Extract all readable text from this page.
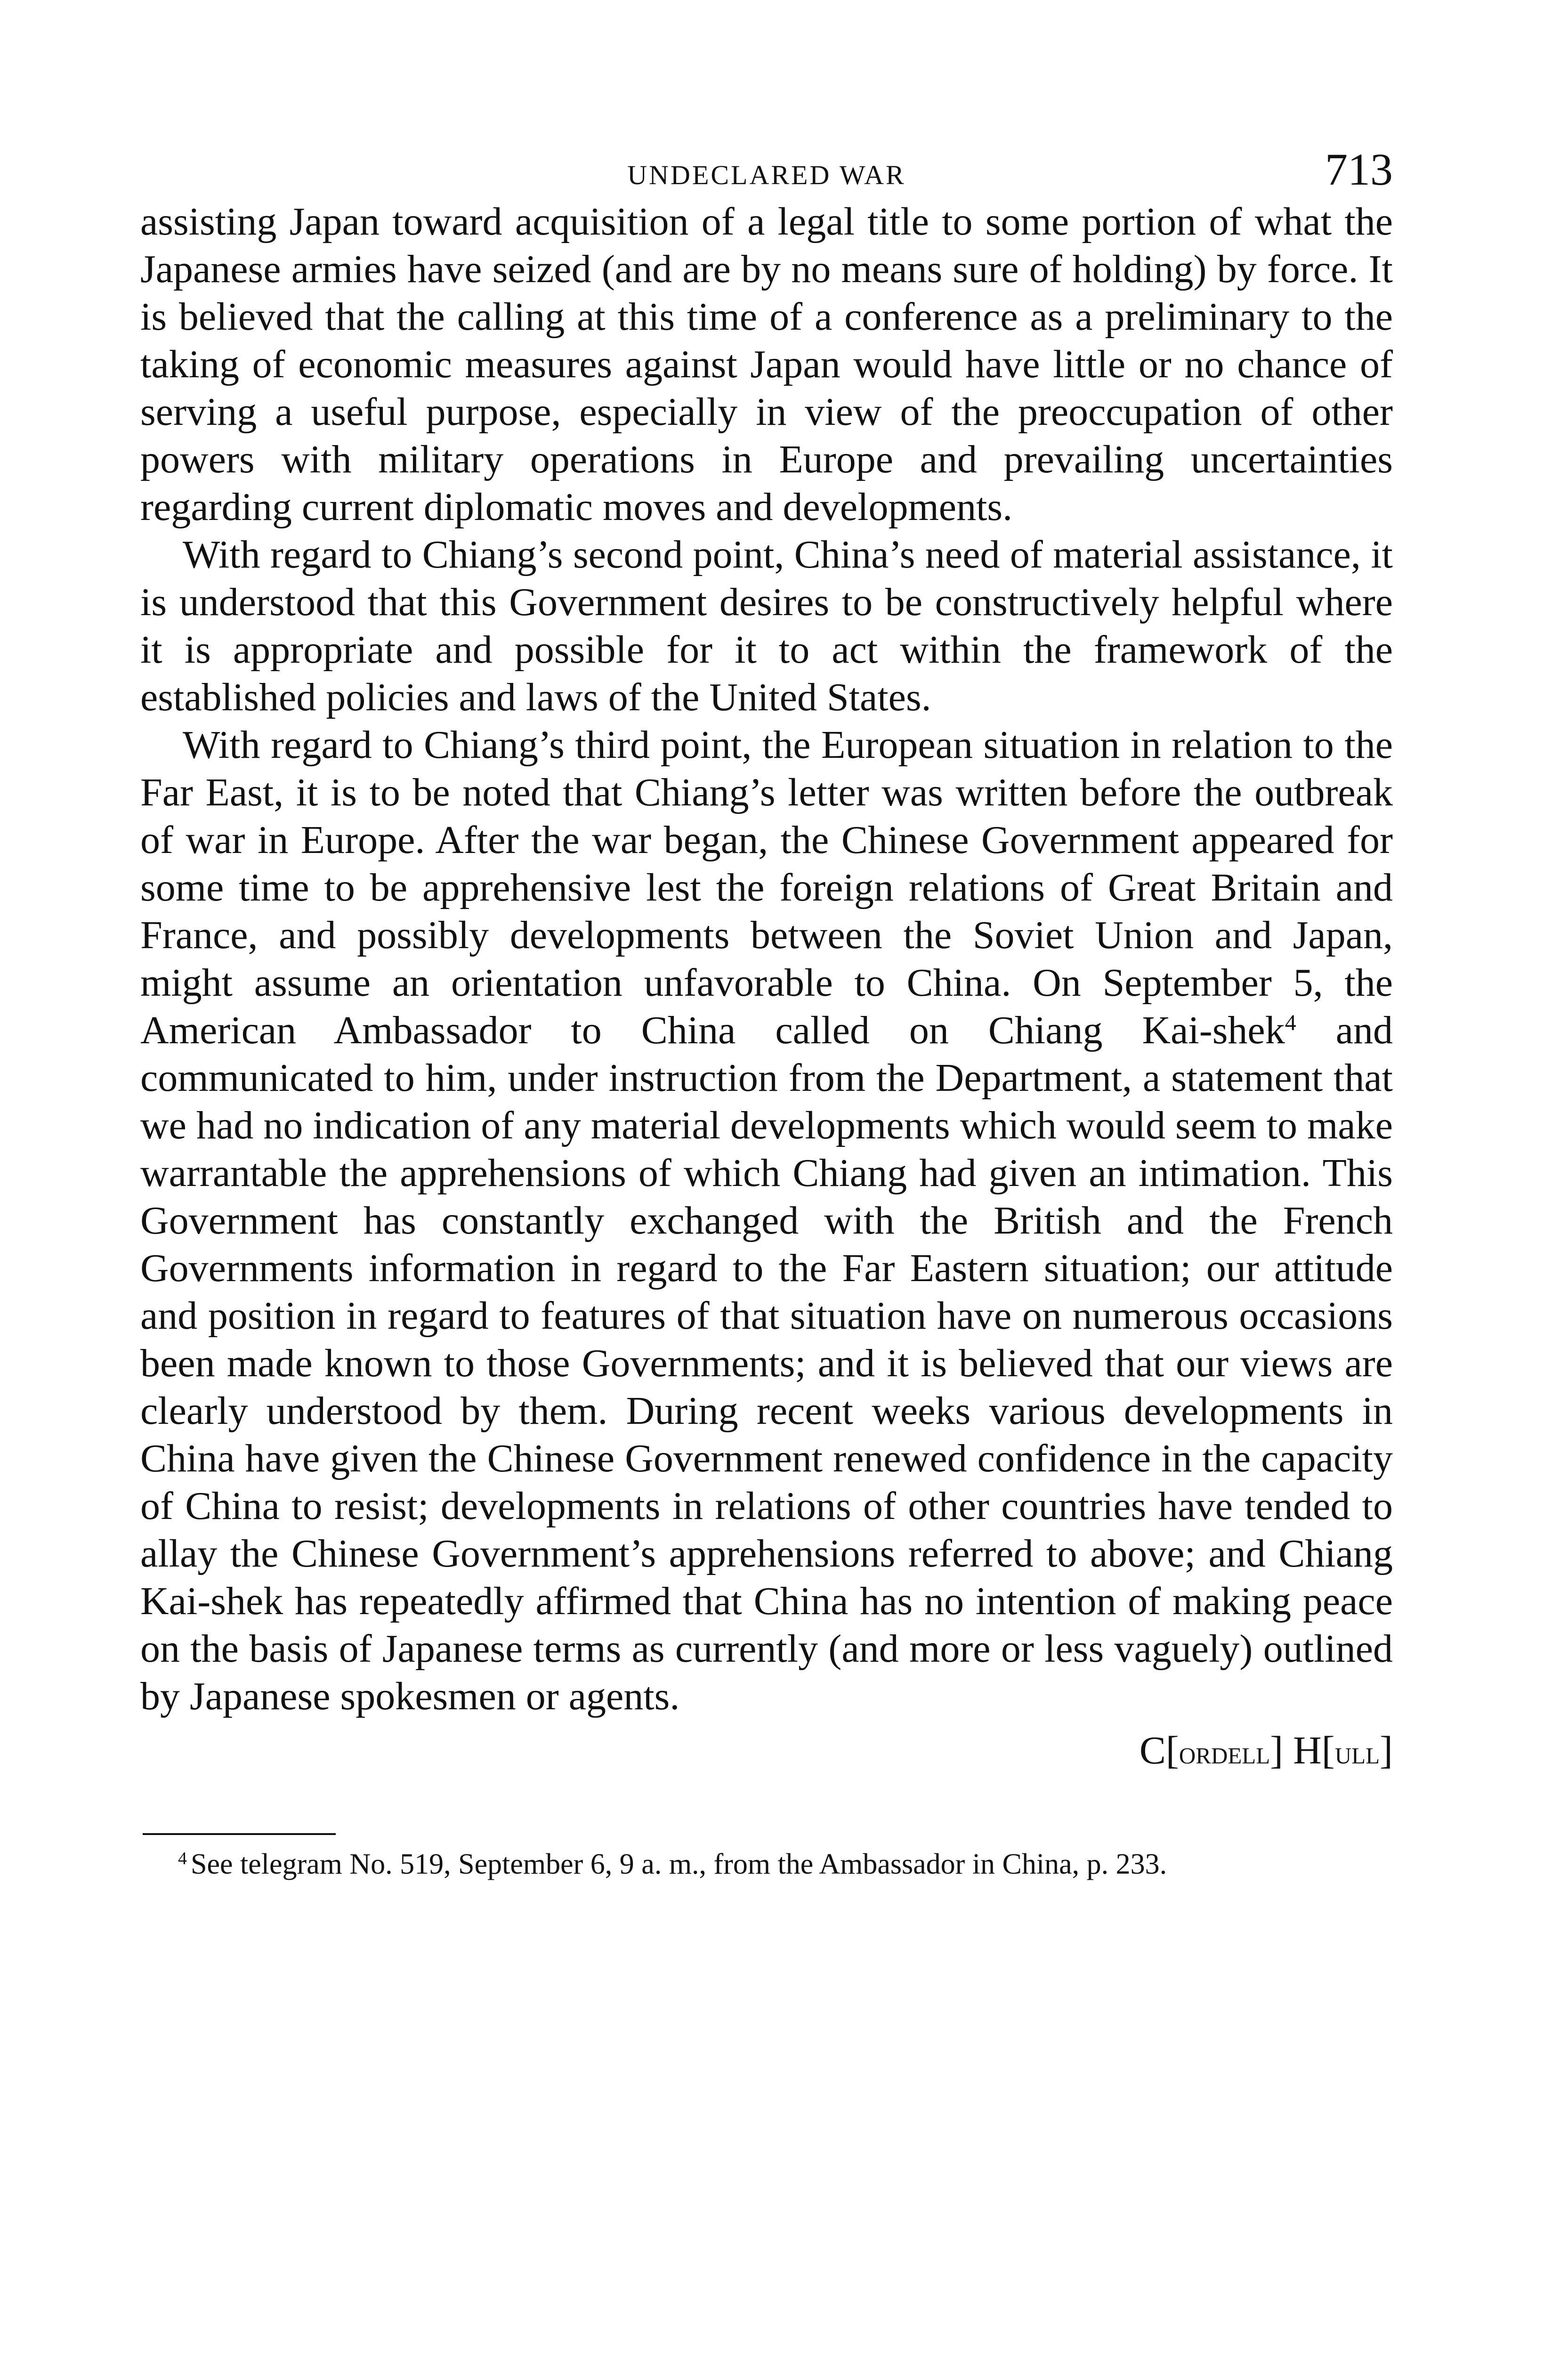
UNDECLARED WAR	713

assisting Japan toward acquisition of a legal title to some portion of what the Japanese armies have seized (and are by no means sure of holding) by force. It is believed that the calling at this time of a conference as a preliminary to the taking of economic measures against Japan would have little or no chance of serving a useful purpose, especially in view of the preoccupation of other powers with military operations in Europe and prevailing uncertainties regarding current diplomatic moves and developments.

With regard to Chiang’s second point, China’s need of material assistance, it is understood that this Government desires to be constructively helpful where it is appropriate and possible for it to act within the framework of the established policies and laws of the United States.

With regard to Chiang’s third point, the European situation in relation to the Far East, it is to be noted that Chiang’s letter was written before the outbreak of war in Europe. After the war began, the Chinese Government appeared for some time to be apprehensive lest the foreign relations of Great Britain and France, and possibly developments between the Soviet Union and Japan, might assume an orientation unfavorable to China. On September 5, the American Ambassador to China called on Chiang Kai-shek$^4$ and communicated to him, under instruction from the Department, a statement that we had no indication of any material developments which would seem to make warrantable the apprehensions of which Chiang had given an intimation. This Government has constantly exchanged with the British and the French Governments information in regard to the Far Eastern situation; our attitude and position in regard to features of that situation have on numerous occasions been made known to those Governments; and it is believed that our views are clearly understood by them. During recent weeks various developments in China have given the Chinese Government renewed confidence in the capacity of China to resist; developments in relations of other countries have tended to allay the Chinese Government’s apprehensions referred to above; and Chiang Kai-shek has repeatedly affirmed that China has no intention of making peace on the basis of Japanese terms as currently (and more or less vaguely) outlined by Japanese spokesmen or agents.

C[ordell] H[ull]
$^4$ See telegram No. 519, September 6, 9 a. m., from the Ambassador in China, p. 233.
